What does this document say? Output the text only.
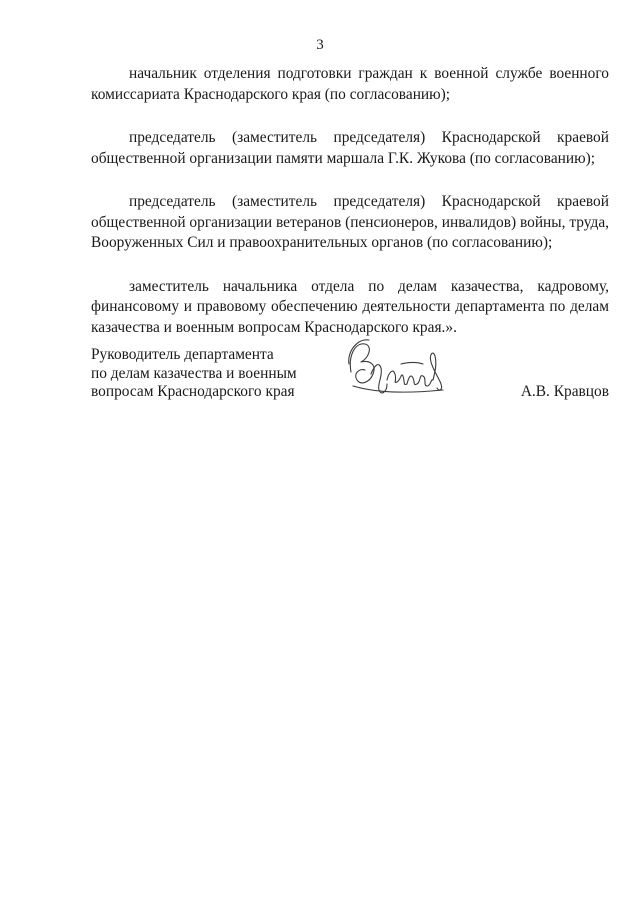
3

начальник отделения подготовки граждан к военной службе военного комиссариата Краснодарского края (по согласованию);

председатель (заместитель председателя) Краснодарской краевой общественной организации памяти маршала Г.К. Жукова (по согласованию);

председатель (заместитель председателя) Краснодарской краевой общественной организации ветеранов (пенсионеров, инвалидов) войны, труда, Вооруженных Сил и правоохранительных органов (по согласованию);

заместитель начальника отдела по делам казачества, кадровому, финансовому и правовому обеспечению деятельности департамента по делам казачества и военным вопросам Краснодарского края.».

Руководитель департамента
по делам казачества и военным
вопросам Краснодарского края	А.В. Кравцов
